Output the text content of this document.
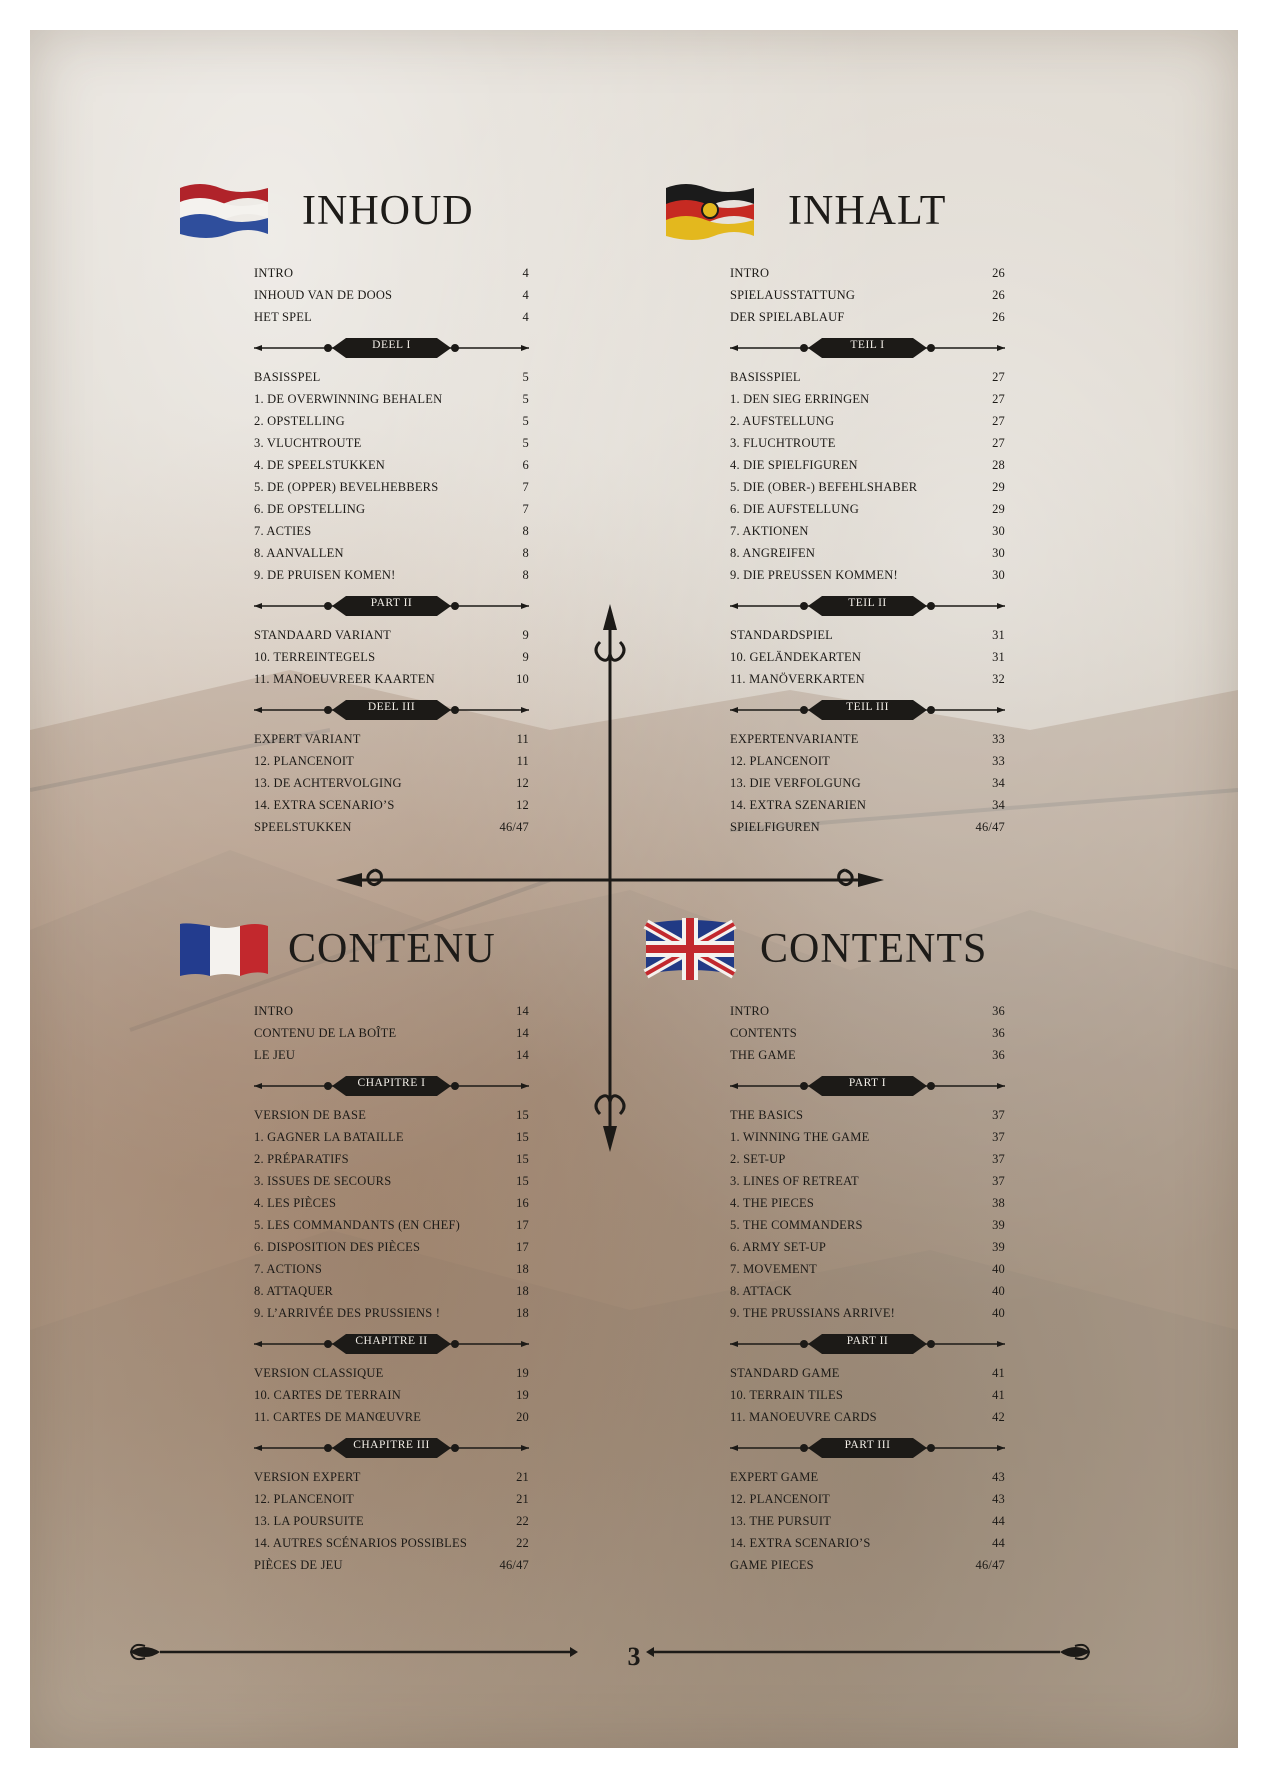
3
INHOUD	INHALT
CONTENU	CONTENTS
INTRO	4
INHOUD VAN DE DOOS	4
HET SPEL	4
DEEL I
BASISSPEL	5
1. DE OVERWINNING BEHALEN	5
2. OPSTELLING	5
3. VLUCHTROUTE	5
4. DE SPEELSTUKKEN	6
5. DE (OPPER) BEVELHEBBERS	7
6. DE OPSTELLING	7
7. ACTIES	8
8. AANVALLEN	8
9. DE PRUISEN KOMEN!	8
PART II
STANDAARD VARIANT	9
10. TERREINTEGELS	9
11. MANOEUVREER KAARTEN	10
DEEL III
EXPERT VARIANT	11
12. PLANCENOIT	11
13. DE ACHTERVOLGING	12
14. EXTRA SCENARIO’S	12
SPEELSTUKKEN	46/47
INTRO	26
SPIELAUSSTATTUNG	26
DER SPIELABLAUF	26
TEIL I
BASISSPIEL	27
1. DEN SIEG ERRINGEN	27
2. AUFSTELLUNG	27
3. FLUCHTROUTE	27
4. DIE SPIELFIGUREN	28
5. DIE (OBER-) BEFEHLSHABER	29
6. DIE AUFSTELLUNG	29
7. AKTIONEN	30
8. ANGREIFEN	30
9. DIE PREUSSEN KOMMEN!	30
TEIL II
STANDARDSPIEL	31
10. GELÄNDEKARTEN	31
11. MANÖVERKARTEN	32
TEIL III
EXPERTENVARIANTE	33
12. PLANCENOIT	33
13. DIE VERFOLGUNG	34
14. EXTRA SZENARIEN	34
SPIELFIGUREN	46/47
INTRO	14
CONTENU DE LA BOÎTE	14
LE JEU	14
CHAPITRE I
VERSION DE BASE	15
1. GAGNER LA BATAILLE	15
2. PRÉPARATIFS	15
3. ISSUES DE SECOURS	15
4. LES PIÈCES	16
5. LES COMMANDANTS (EN CHEF)	17
6. DISPOSITION DES PIÈCES	17
7. ACTIONS	18
8. ATTAQUER	18
9. L’ARRIVÉE DES PRUSSIENS !	18
CHAPITRE II
VERSION CLASSIQUE	19
10. CARTES DE TERRAIN	19
11. CARTES DE MANŒUVRE	20
CHAPITRE III
VERSION EXPERT	21
12. PLANCENOIT	21
13. LA POURSUITE	22
14. AUTRES SCÉNARIOS POSSIBLES	22
PIÈCES DE JEU	46/47
INTRO	36
CONTENTS	36
THE GAME	36
PART I
THE BASICS	37
1. WINNING THE GAME	37
2. SET-UP	37
3. LINES OF RETREAT	37
4. THE PIECES	38
5. THE COMMANDERS	39
6. ARMY SET-UP	39
7. MOVEMENT	40
8. ATTACK	40
9. THE PRUSSIANS ARRIVE!	40
PART II
STANDARD GAME	41
10. TERRAIN TILES	41
11. MANOEUVRE CARDS	42
PART III
EXPERT GAME	43
12. PLANCENOIT	43
13. THE PURSUIT	44
14. EXTRA SCENARIO’S	44
GAME PIECES	46/47
